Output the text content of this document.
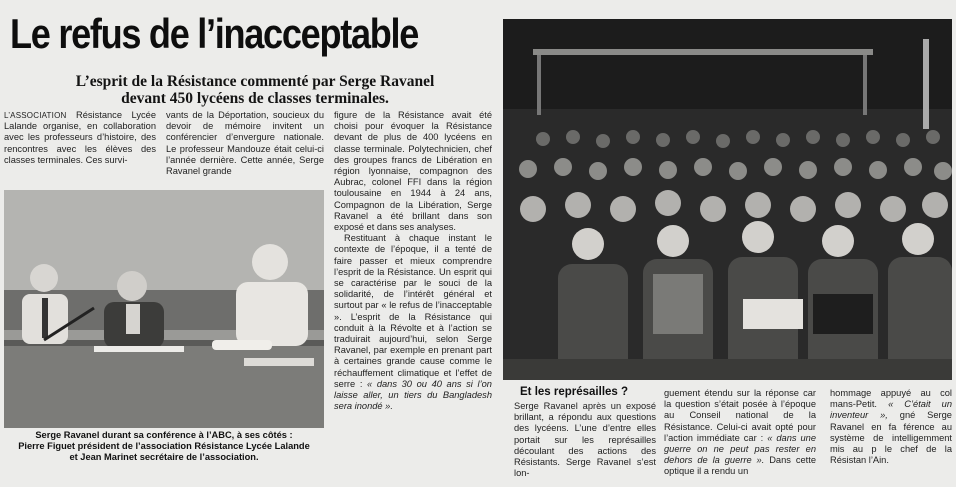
Le refus de l’inacceptable
L’esprit de la Résistance commenté par Serge Ravanel
devant 450 lycéens de classes terminales.

L’ASSOCIATION Résistance Lycée Lalande organise, en collaboration avec les professeurs d’histoire, des rencontres avec les élèves des classes terminales. Ces survi-

vants de la Déportation, soucieux du devoir de mémoire invitent un conférencier d’envergure nationale. Le professeur Mandouze était celui-ci l’année dernière. Cette année, Serge Ravanel grande

figure de la Résistance avait été choisi pour évoquer la Résistance devant de plus de 400 lycéens en classe terminale. Polytechnicien, chef des groupes francs de Libération en région lyonnaise, compagnon des Aubrac, colonel FFI dans la région toulousaine en 1944 à 24 ans, Compagnon de la Libération, Serge Ravanel a été brillant dans son exposé et dans ses analyses.

Restituant à chaque instant le contexte de l’époque, il a tenté de faire passer et mieux comprendre l’esprit de la Résistance. Un esprit qui se caractérise par le souci de la solidarité, de l’intérêt général et surtout par « le refus de l’inacceptable ». L’esprit de la Résistance qui conduit à la Révolte et à l’action se traduirait aujourd’hui, selon Serge Ravanel, par exemple en prenant part à certaines grande cause comme le réchauffement climatique et l’effet de serre : « dans 30 ou 40 ans si l’on laisse aller, un tiers du Bangladesh sera inondé ».

Serge Ravanel durant sa conférence à l’ABC, à ses côtés :
Pierre Figuet président de l’association Résistance Lycée Lalande
et Jean Marinet secrétaire de l’association.
Et les représailles ?

Serge Ravanel après un exposé brillant, a répondu aux questions des lycéens. L’une d’entre elles portait sur les représailles découlant des actions des Résistants. Serge Ravanel s’est lon-

guement étendu sur la réponse car la question s’était posée à l’époque au Conseil national de la Résistance. Celui-ci avait opté pour l’action immédiate car : « dans une guerre on ne peut pas rester en dehors de la guerre ». Dans cette optique il a rendu un

hommage appuyé au col mans-Petit. « C’était un inventeur », gné Serge Ravanel en fa férence au système de intelligemment mis au p le chef de la Résistan l’Ain.
